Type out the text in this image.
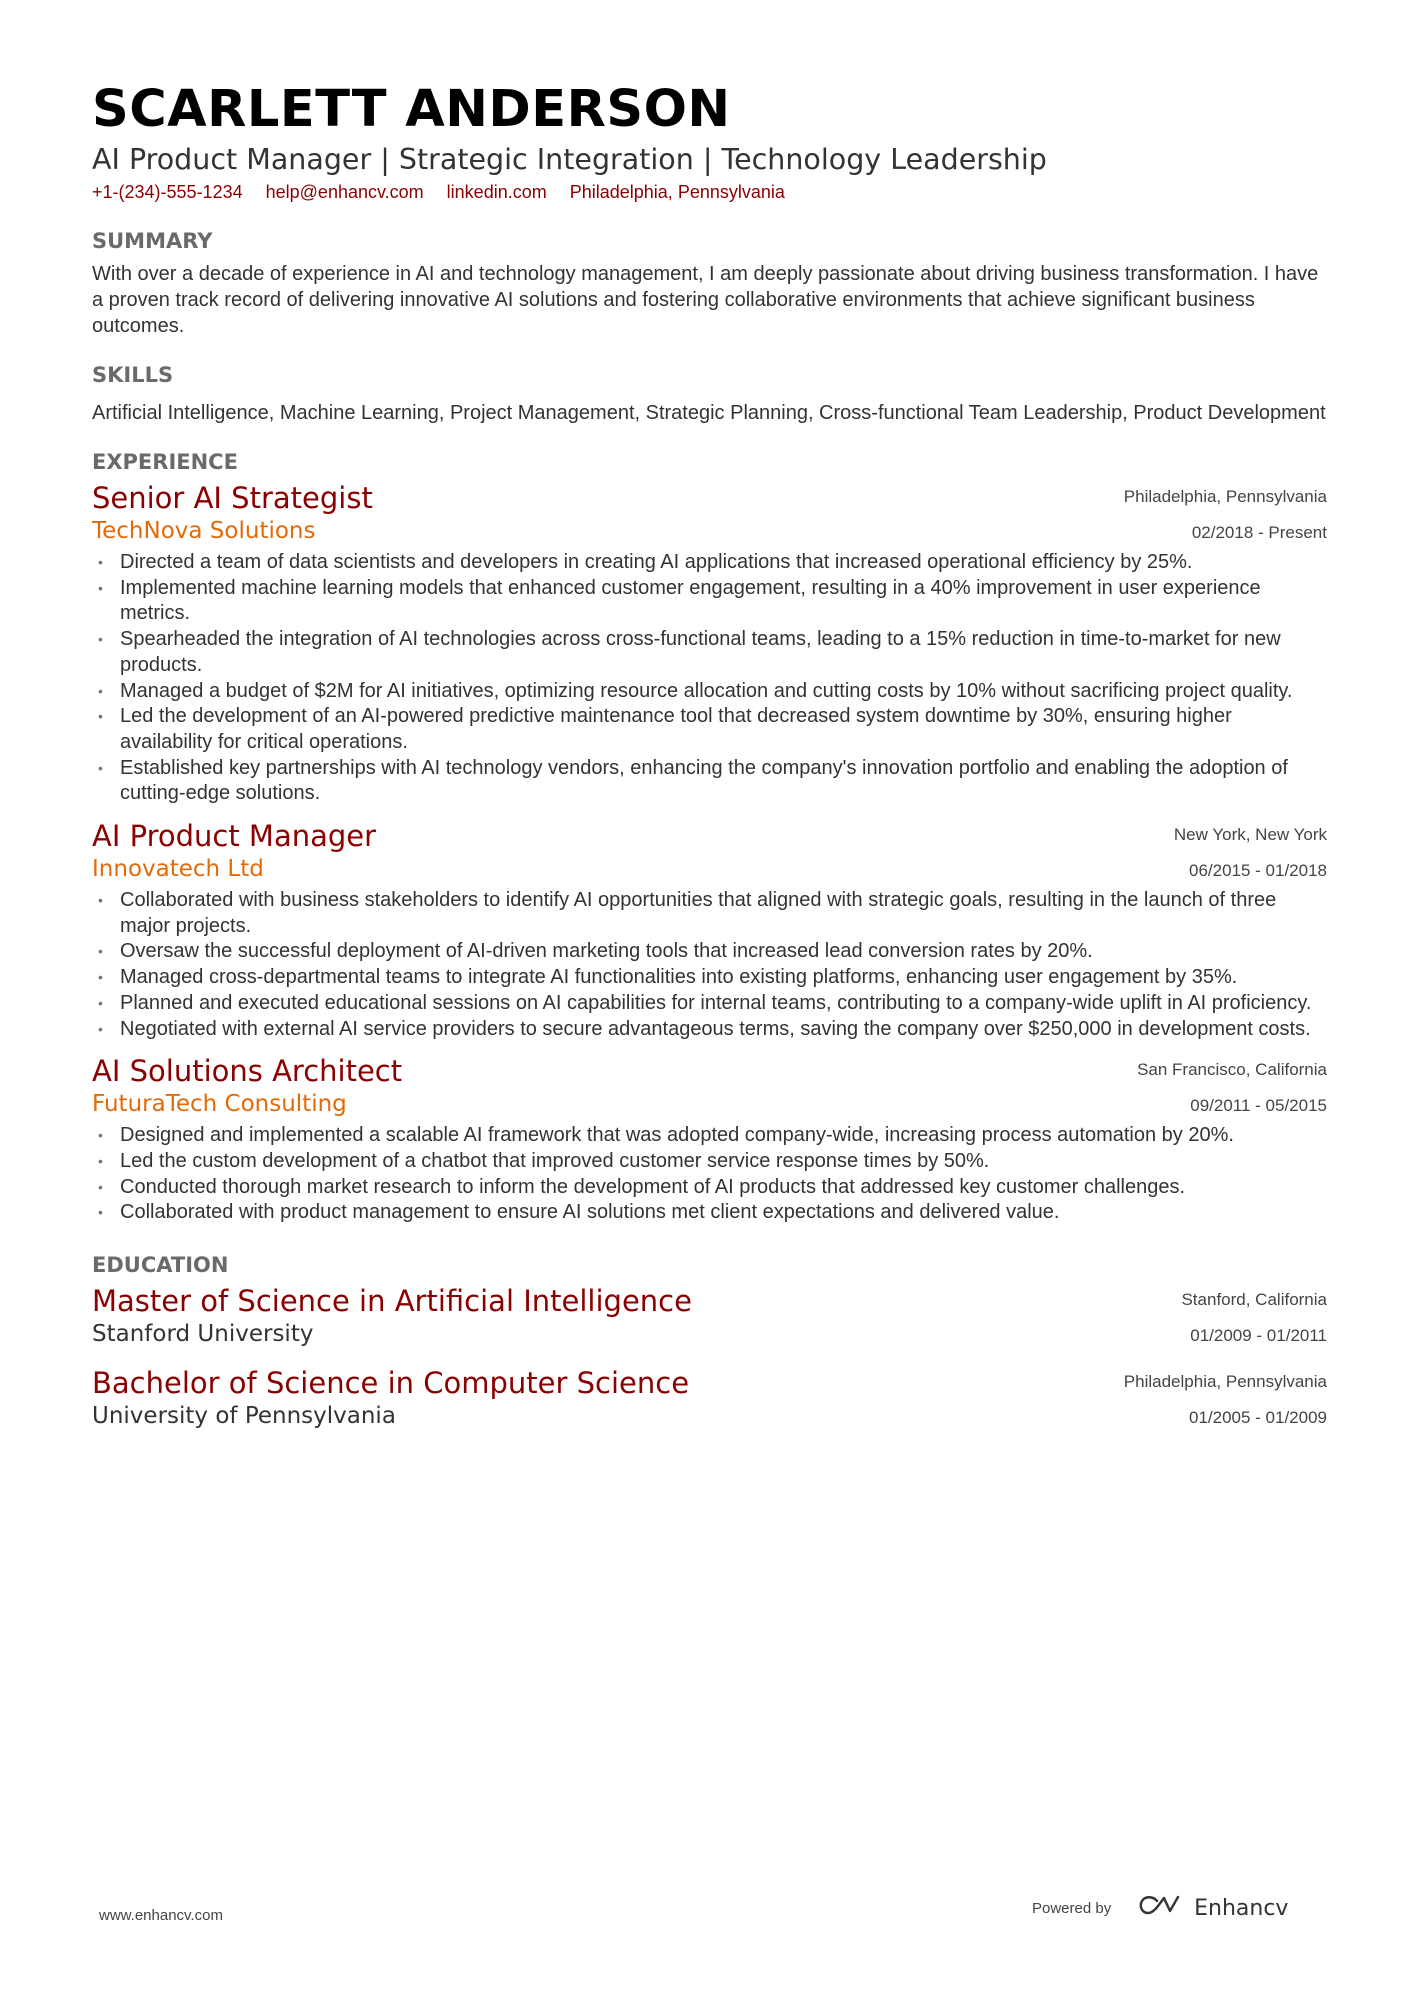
SCARLETT ANDERSON
AI Product Manager | Strategic Integration | Technology Leadership
+1-(234)-555-1234 help@enhancv.com linkedin.com Philadelphia, Pennsylvania
SUMMARY
With over a decade of experience in AI and technology management, I am deeply passionate about driving business transformation. I have a proven track record of delivering innovative AI solutions and fostering collaborative environments that achieve significant business outcomes.
SKILLS
Artificial Intelligence, Machine Learning, Project Management, Strategic Planning, Cross-functional Team Leadership, Product Development
EXPERIENCE
Senior AI Strategist
TechNova Solutions
Philadelphia, Pennsylvania
02/2018 - Present
• Directed a team of data scientists and developers in creating AI applications that increased operational efficiency by 25%.
• Implemented machine learning models that enhanced customer engagement, resulting in a 40% improvement in user experience metrics.
• Spearheaded the integration of AI technologies across cross-functional teams, leading to a 15% reduction in time-to-market for new products.
• Managed a budget of $2M for AI initiatives, optimizing resource allocation and cutting costs by 10% without sacrificing project quality.
• Led the development of an AI-powered predictive maintenance tool that decreased system downtime by 30%, ensuring higher availability for critical operations.
• Established key partnerships with AI technology vendors, enhancing the company's innovation portfolio and enabling the adoption of cutting-edge solutions.
AI Product Manager
Innovatech Ltd
New York, New York
06/2015 - 01/2018
• Collaborated with business stakeholders to identify AI opportunities that aligned with strategic goals, resulting in the launch of three major projects.
• Oversaw the successful deployment of AI-driven marketing tools that increased lead conversion rates by 20%.
• Managed cross-departmental teams to integrate AI functionalities into existing platforms, enhancing user engagement by 35%.
• Planned and executed educational sessions on AI capabilities for internal teams, contributing to a company-wide uplift in AI proficiency.
• Negotiated with external AI service providers to secure advantageous terms, saving the company over $250,000 in development costs.
AI Solutions Architect
FuturaTech Consulting
San Francisco, California
09/2011 - 05/2015
• Designed and implemented a scalable AI framework that was adopted company-wide, increasing process automation by 20%.
• Led the custom development of a chatbot that improved customer service response times by 50%.
• Conducted thorough market research to inform the development of AI products that addressed key customer challenges.
• Collaborated with product management to ensure AI solutions met client expectations and delivered value.
EDUCATION
Master of Science in Artificial Intelligence
Stanford University
Stanford, California
01/2009 - 01/2011
Bachelor of Science in Computer Science
University of Pennsylvania
Philadelphia, Pennsylvania
01/2005 - 01/2009
www.enhancv.com	Powered by	Enhancv
